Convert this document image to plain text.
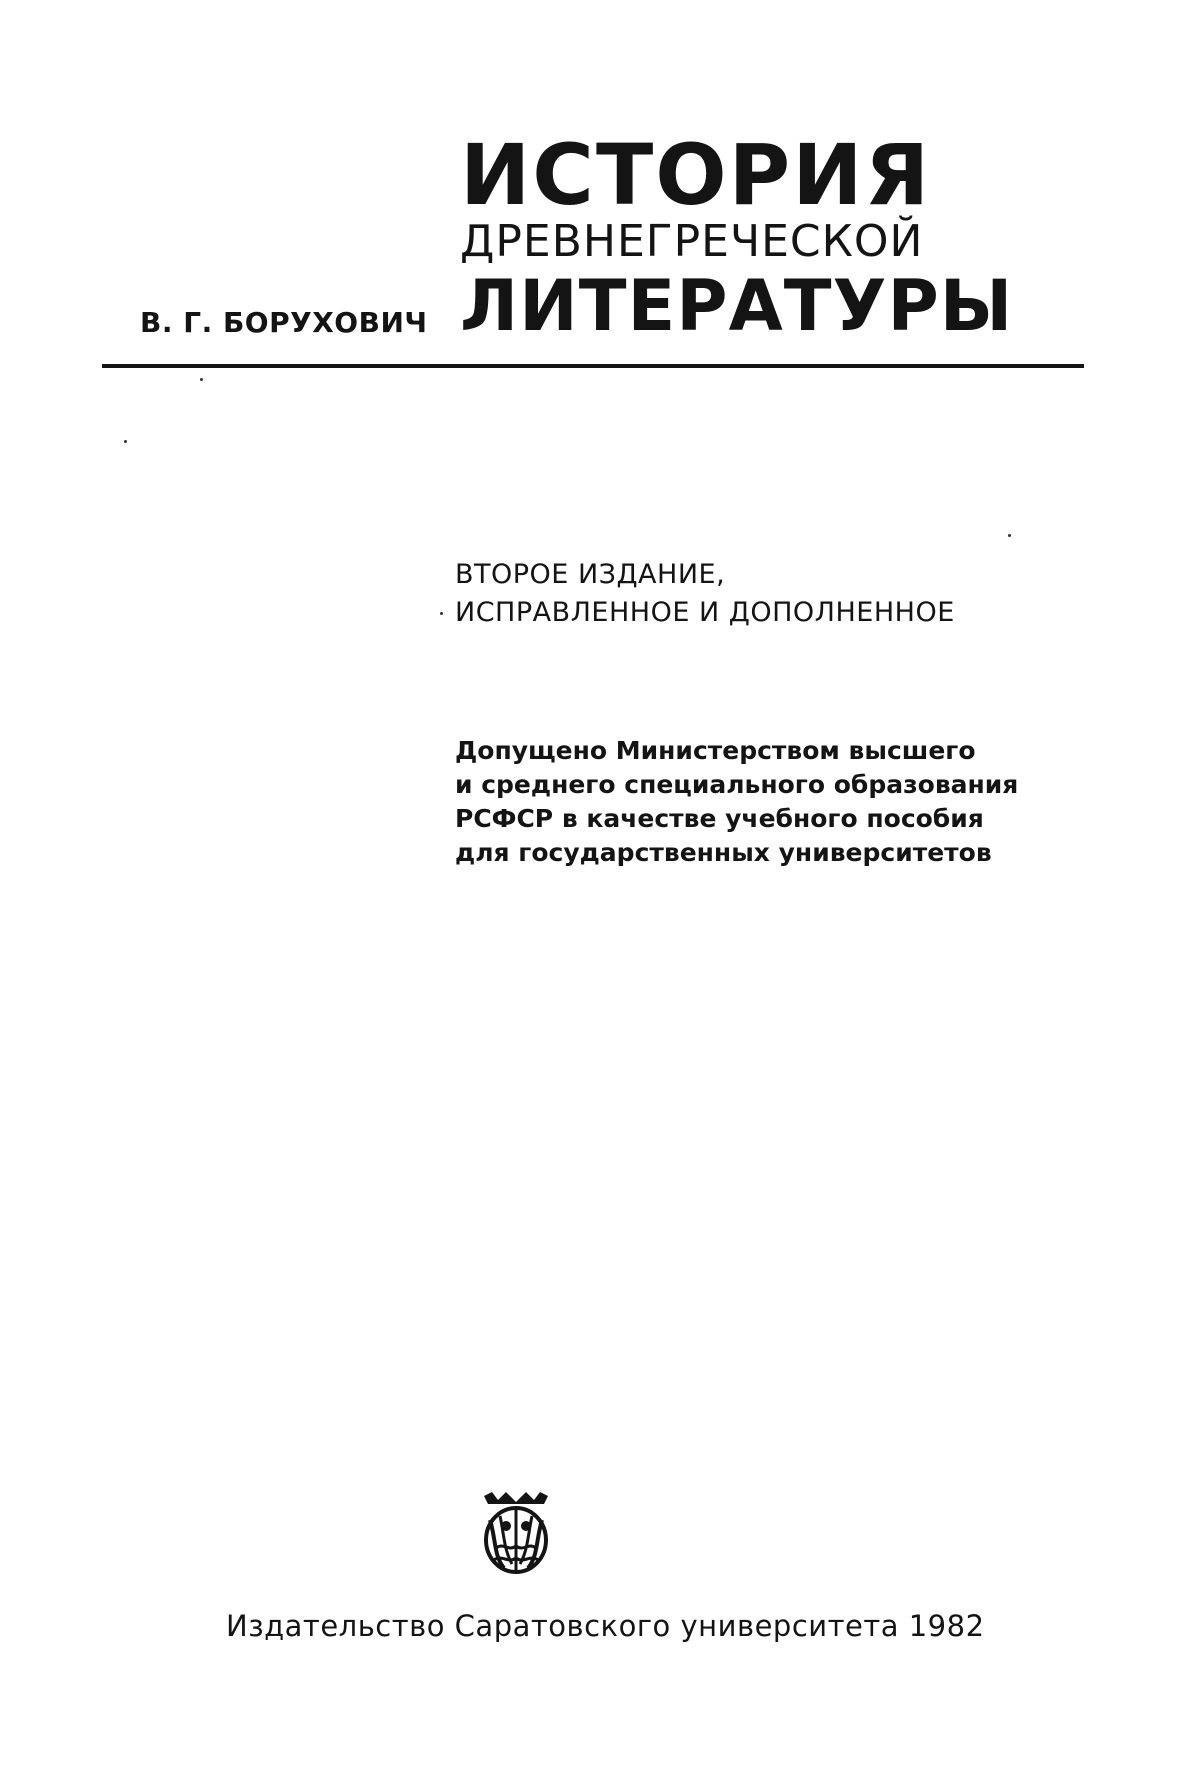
ИСТОРИЯ
ДРЕВНЕГРЕЧЕСКОЙ
ЛИТЕРАТУРЫ
В. Г. БОРУХОВИЧ
ВТОРОЕ ИЗДАНИЕ,
ИСПРАВЛЕННОЕ И ДОПОЛНЕННОЕ
Допущено Министерством высшего
и среднего специального образования
РСФСР в качестве учебного пособия
для государственных университетов
Издательство Саратовского университета 1982
